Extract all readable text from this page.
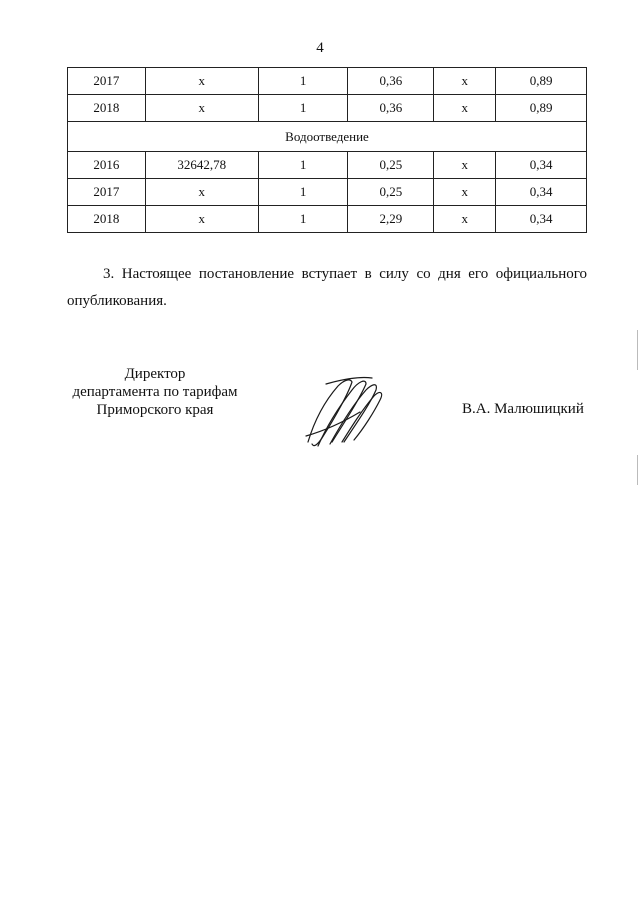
4
2017	x	1	0,36	x	0,89
2018	x	1	0,36	x	0,89
Водоотведение					
2016	32642,78	1	0,25	x	0,34
2017	x	1	0,25	x	0,34
2018	x	1	2,29	x	0,34
3. Настоящее постановление вступает в силу со дня его официального
опубликования.
Директор
департамента по тарифам
Приморского края	В.А. Малюшицкий
